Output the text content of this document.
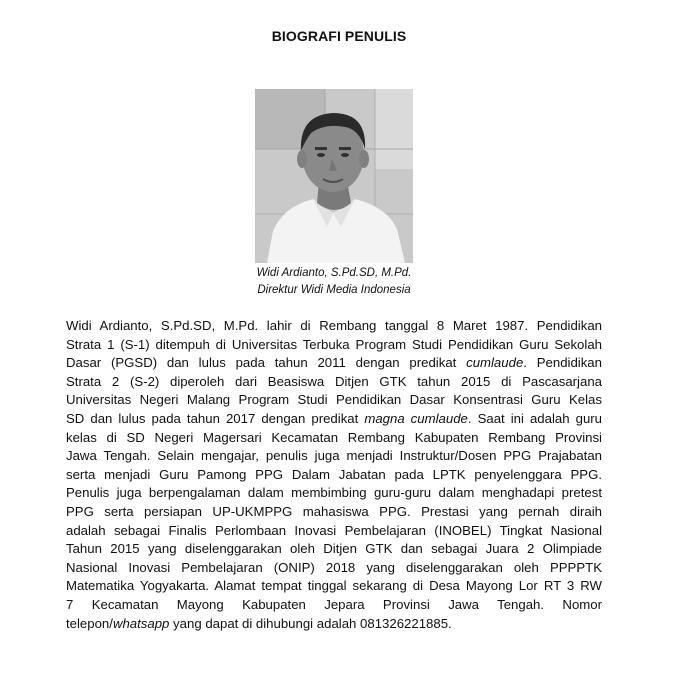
BIOGRAFI PENULIS
Widi Ardianto, S.Pd.SD, M.Pd.
Direktur Widi Media Indonesia
Widi Ardianto, S.Pd.SD, M.Pd. lahir di Rembang tanggal 8 Maret 1987. Pendidikan
Strata 1 (S-1) ditempuh di Universitas Terbuka Program Studi Pendidikan Guru Sekolah
Dasar (PGSD) dan lulus pada tahun 2011 dengan predikat cumlaude. Pendidikan
Strata 2 (S-2) diperoleh dari Beasiswa Ditjen GTK tahun 2015 di Pascasarjana
Universitas Negeri Malang Program Studi Pendidikan Dasar Konsentrasi Guru Kelas
SD dan lulus pada tahun 2017 dengan predikat magna cumlaude. Saat ini adalah guru
kelas di SD Negeri Magersari Kecamatan Rembang Kabupaten Rembang Provinsi
Jawa Tengah. Selain mengajar, penulis juga menjadi Instruktur/Dosen PPG Prajabatan
serta menjadi Guru Pamong PPG Dalam Jabatan pada LPTK penyelenggara PPG.
Penulis juga berpengalaman dalam membimbing guru-guru dalam menghadapi pretest
PPG serta persiapan UP-UKMPPG mahasiswa PPG. Prestasi yang pernah diraih
adalah sebagai Finalis Perlombaan Inovasi Pembelajaran (INOBEL) Tingkat Nasional
Tahun 2015 yang diselenggarakan oleh Ditjen GTK dan sebagai Juara 2 Olimpiade
Nasional Inovasi Pembelajaran (ONIP) 2018 yang diselenggarakan oleh PPPPTK
Matematika Yogyakarta. Alamat tempat tinggal sekarang di Desa Mayong Lor RT 3 RW
7 Kecamatan Mayong Kabupaten Jepara Provinsi Jawa Tengah. Nomor
telepon/whatsapp yang dapat di dihubungi adalah 081326221885.
